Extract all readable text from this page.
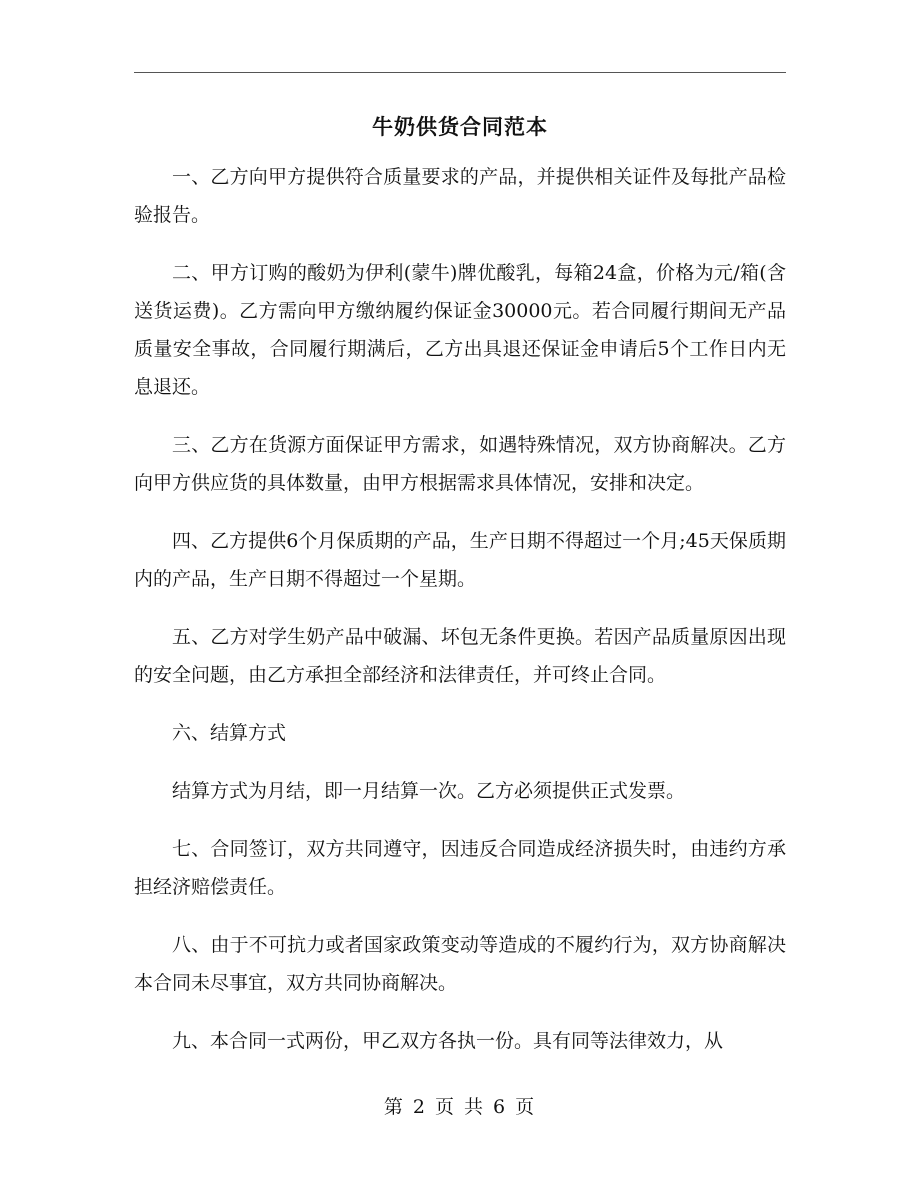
牛奶供货合同范本

一、乙方向甲方提供符合质量要求的产品，并提供相关证件及每批产品检验报告。

二、甲方订购的酸奶为伊利(蒙牛)牌优酸乳，每箱24盒，价格为元/箱(含送货运费)。乙方需向甲方缴纳履约保证金30000元。若合同履行期间无产品质量安全事故，合同履行期满后，乙方出具退还保证金申请后5个工作日内无息退还。

三、乙方在货源方面保证甲方需求，如遇特殊情况，双方协商解决。乙方向甲方供应货的具体数量，由甲方根据需求具体情况，安排和决定。

四、乙方提供6个月保质期的产品，生产日期不得超过一个月;45天保质期内的产品，生产日期不得超过一个星期。

五、乙方对学生奶产品中破漏、坏包无条件更换。若因产品质量原因出现的安全问题，由乙方承担全部经济和法律责任，并可终止合同。

六、结算方式

结算方式为月结，即一月结算一次。乙方必须提供正式发票。

七、合同签订，双方共同遵守，因违反合同造成经济损失时，由违约方承担经济赔偿责任。

八、由于不可抗力或者国家政策变动等造成的不履约行为，双方协商解决本合同未尽事宜，双方共同协商解决。

九、本合同一式两份，甲乙双方各执一份。具有同等法律效力，从

第 2 页 共 6 页
